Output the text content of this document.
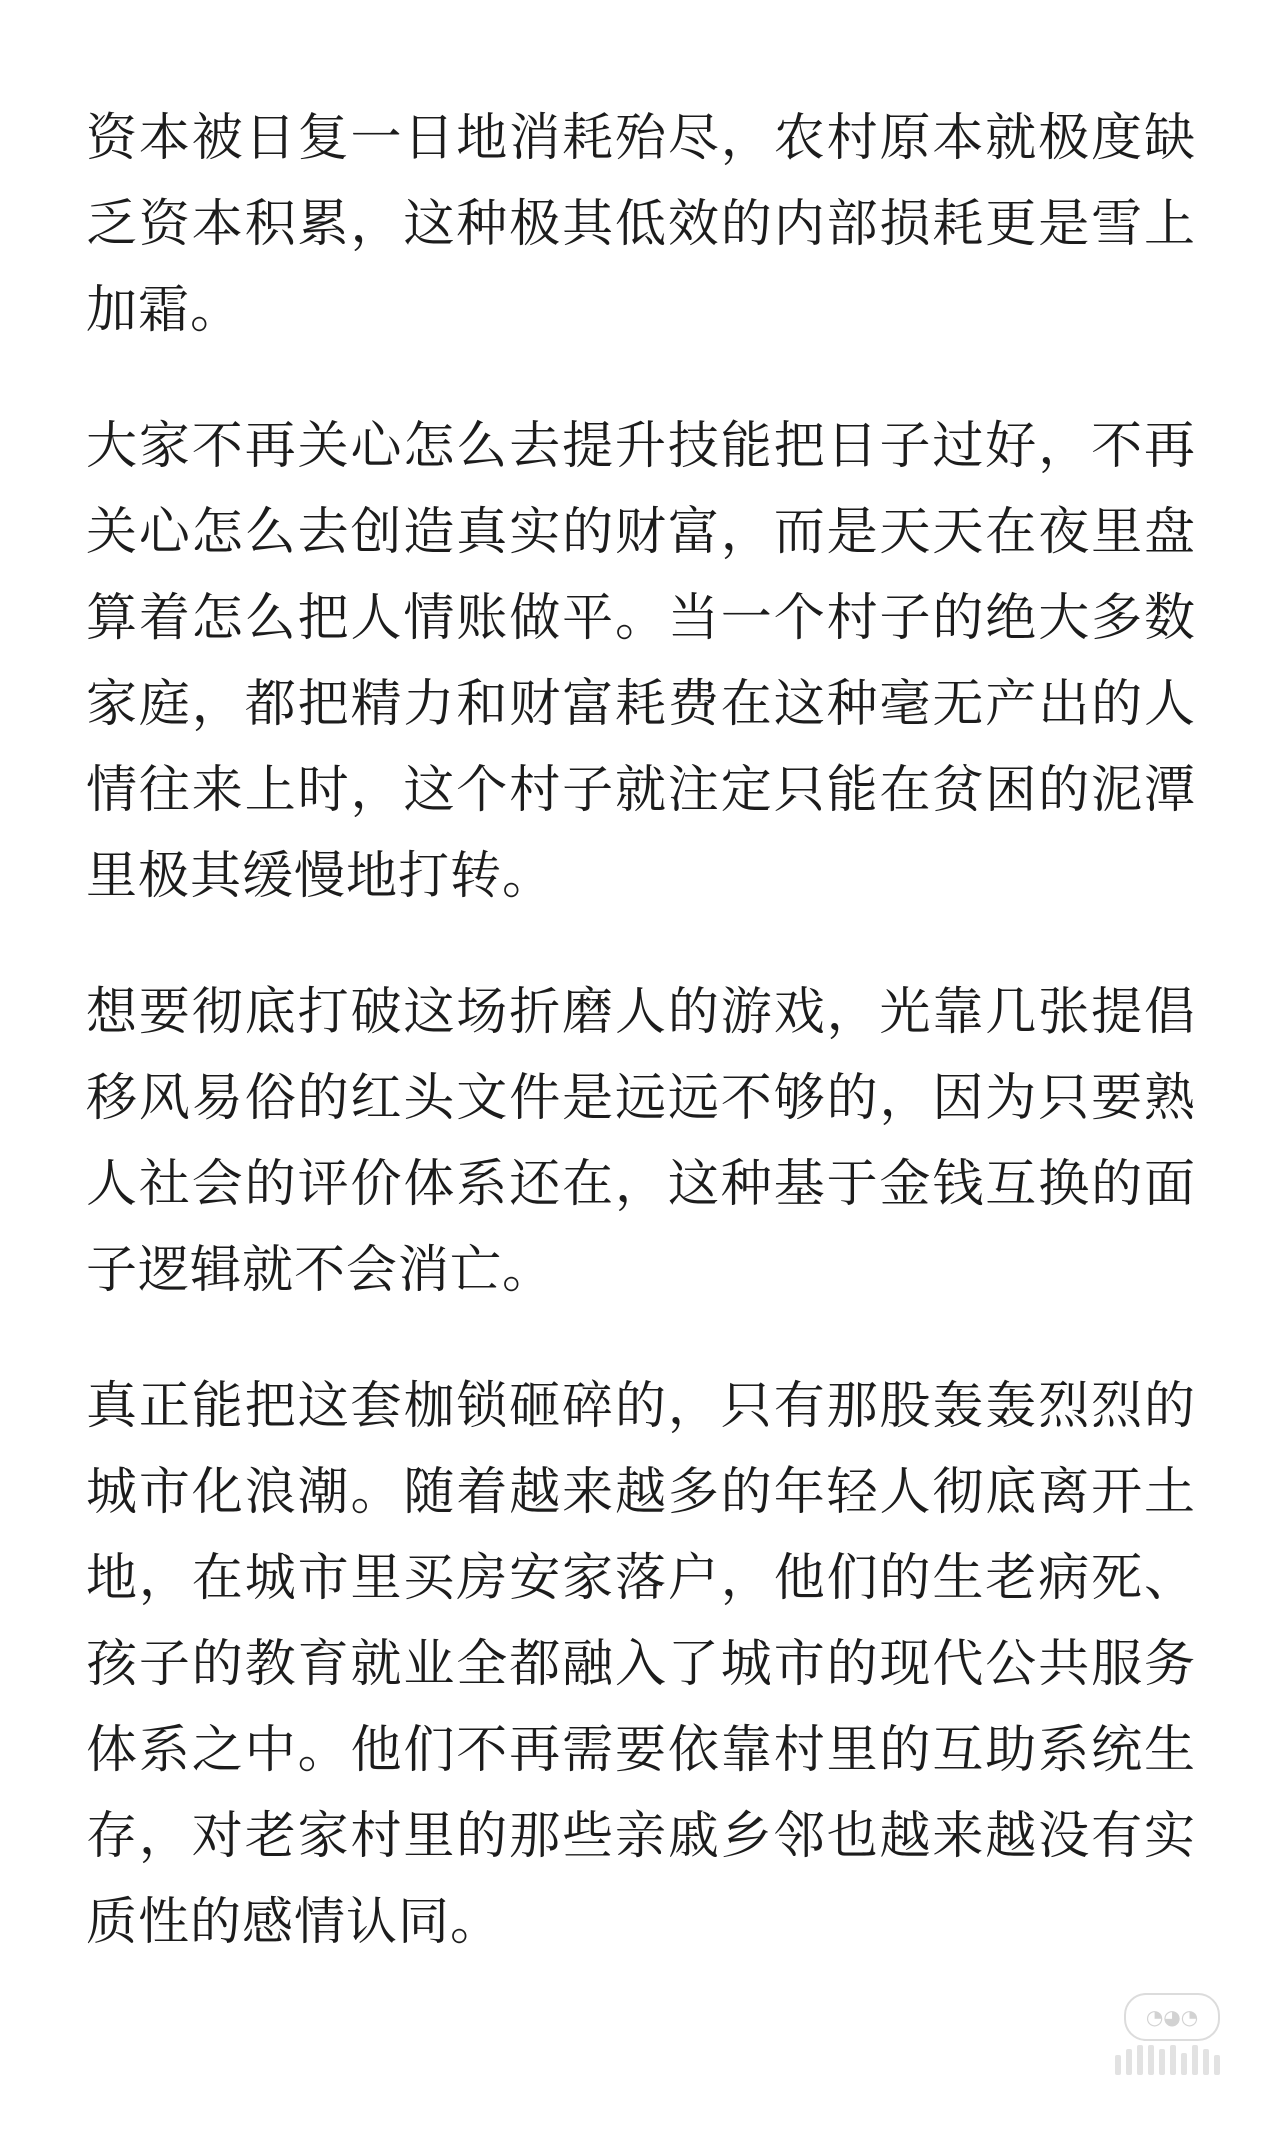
资本被日复一日地消耗殆尽，农村原本就极度缺乏资本积累，这种极其低效的内部损耗更是雪上加霜。

大家不再关心怎么去提升技能把日子过好，不再关心怎么去创造真实的财富，而是天天在夜里盘算着怎么把人情账做平。当一个村子的绝大多数家庭，都把精力和财富耗费在这种毫无产出的人情往来上时，这个村子就注定只能在贫困的泥潭里极其缓慢地打转。

想要彻底打破这场折磨人的游戏，光靠几张提倡移风易俗的红头文件是远远不够的，因为只要熟人社会的评价体系还在，这种基于金钱互换的面子逻辑就不会消亡。

真正能把这套枷锁砸碎的，只有那股轰轰烈烈的城市化浪潮。随着越来越多的年轻人彻底离开土地，在城市里买房安家落户，他们的生老病死、孩子的教育就业全都融入了城市的现代公共服务体系之中。他们不再需要依靠村里的互助系统生存，对老家村里的那些亲戚乡邻也越来越没有实质性的感情认同。

◔◕◔
